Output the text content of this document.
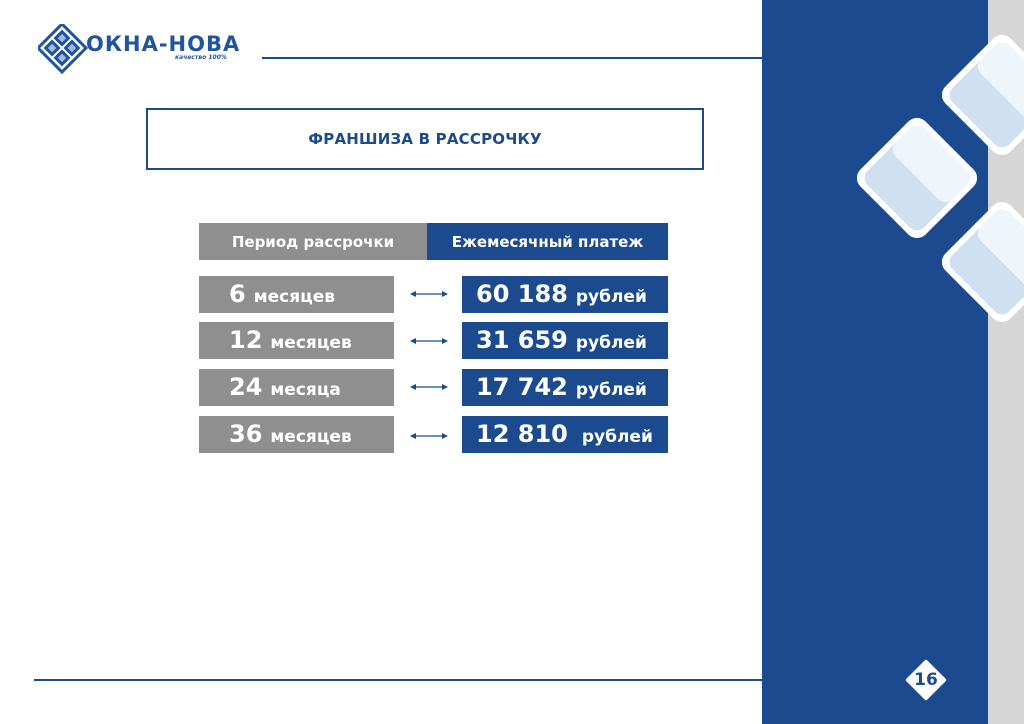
ОКНА-НОВА
качество 100%
ФРАНШИЗА В РАССРОЧКУ
Период рассрочки	Ежемесячный платеж
6 месяцев	60 188 рублей
12 месяцев	31 659 рублей
24 месяца	17 742 рублей
36 месяцев	12 810 рублей
16
